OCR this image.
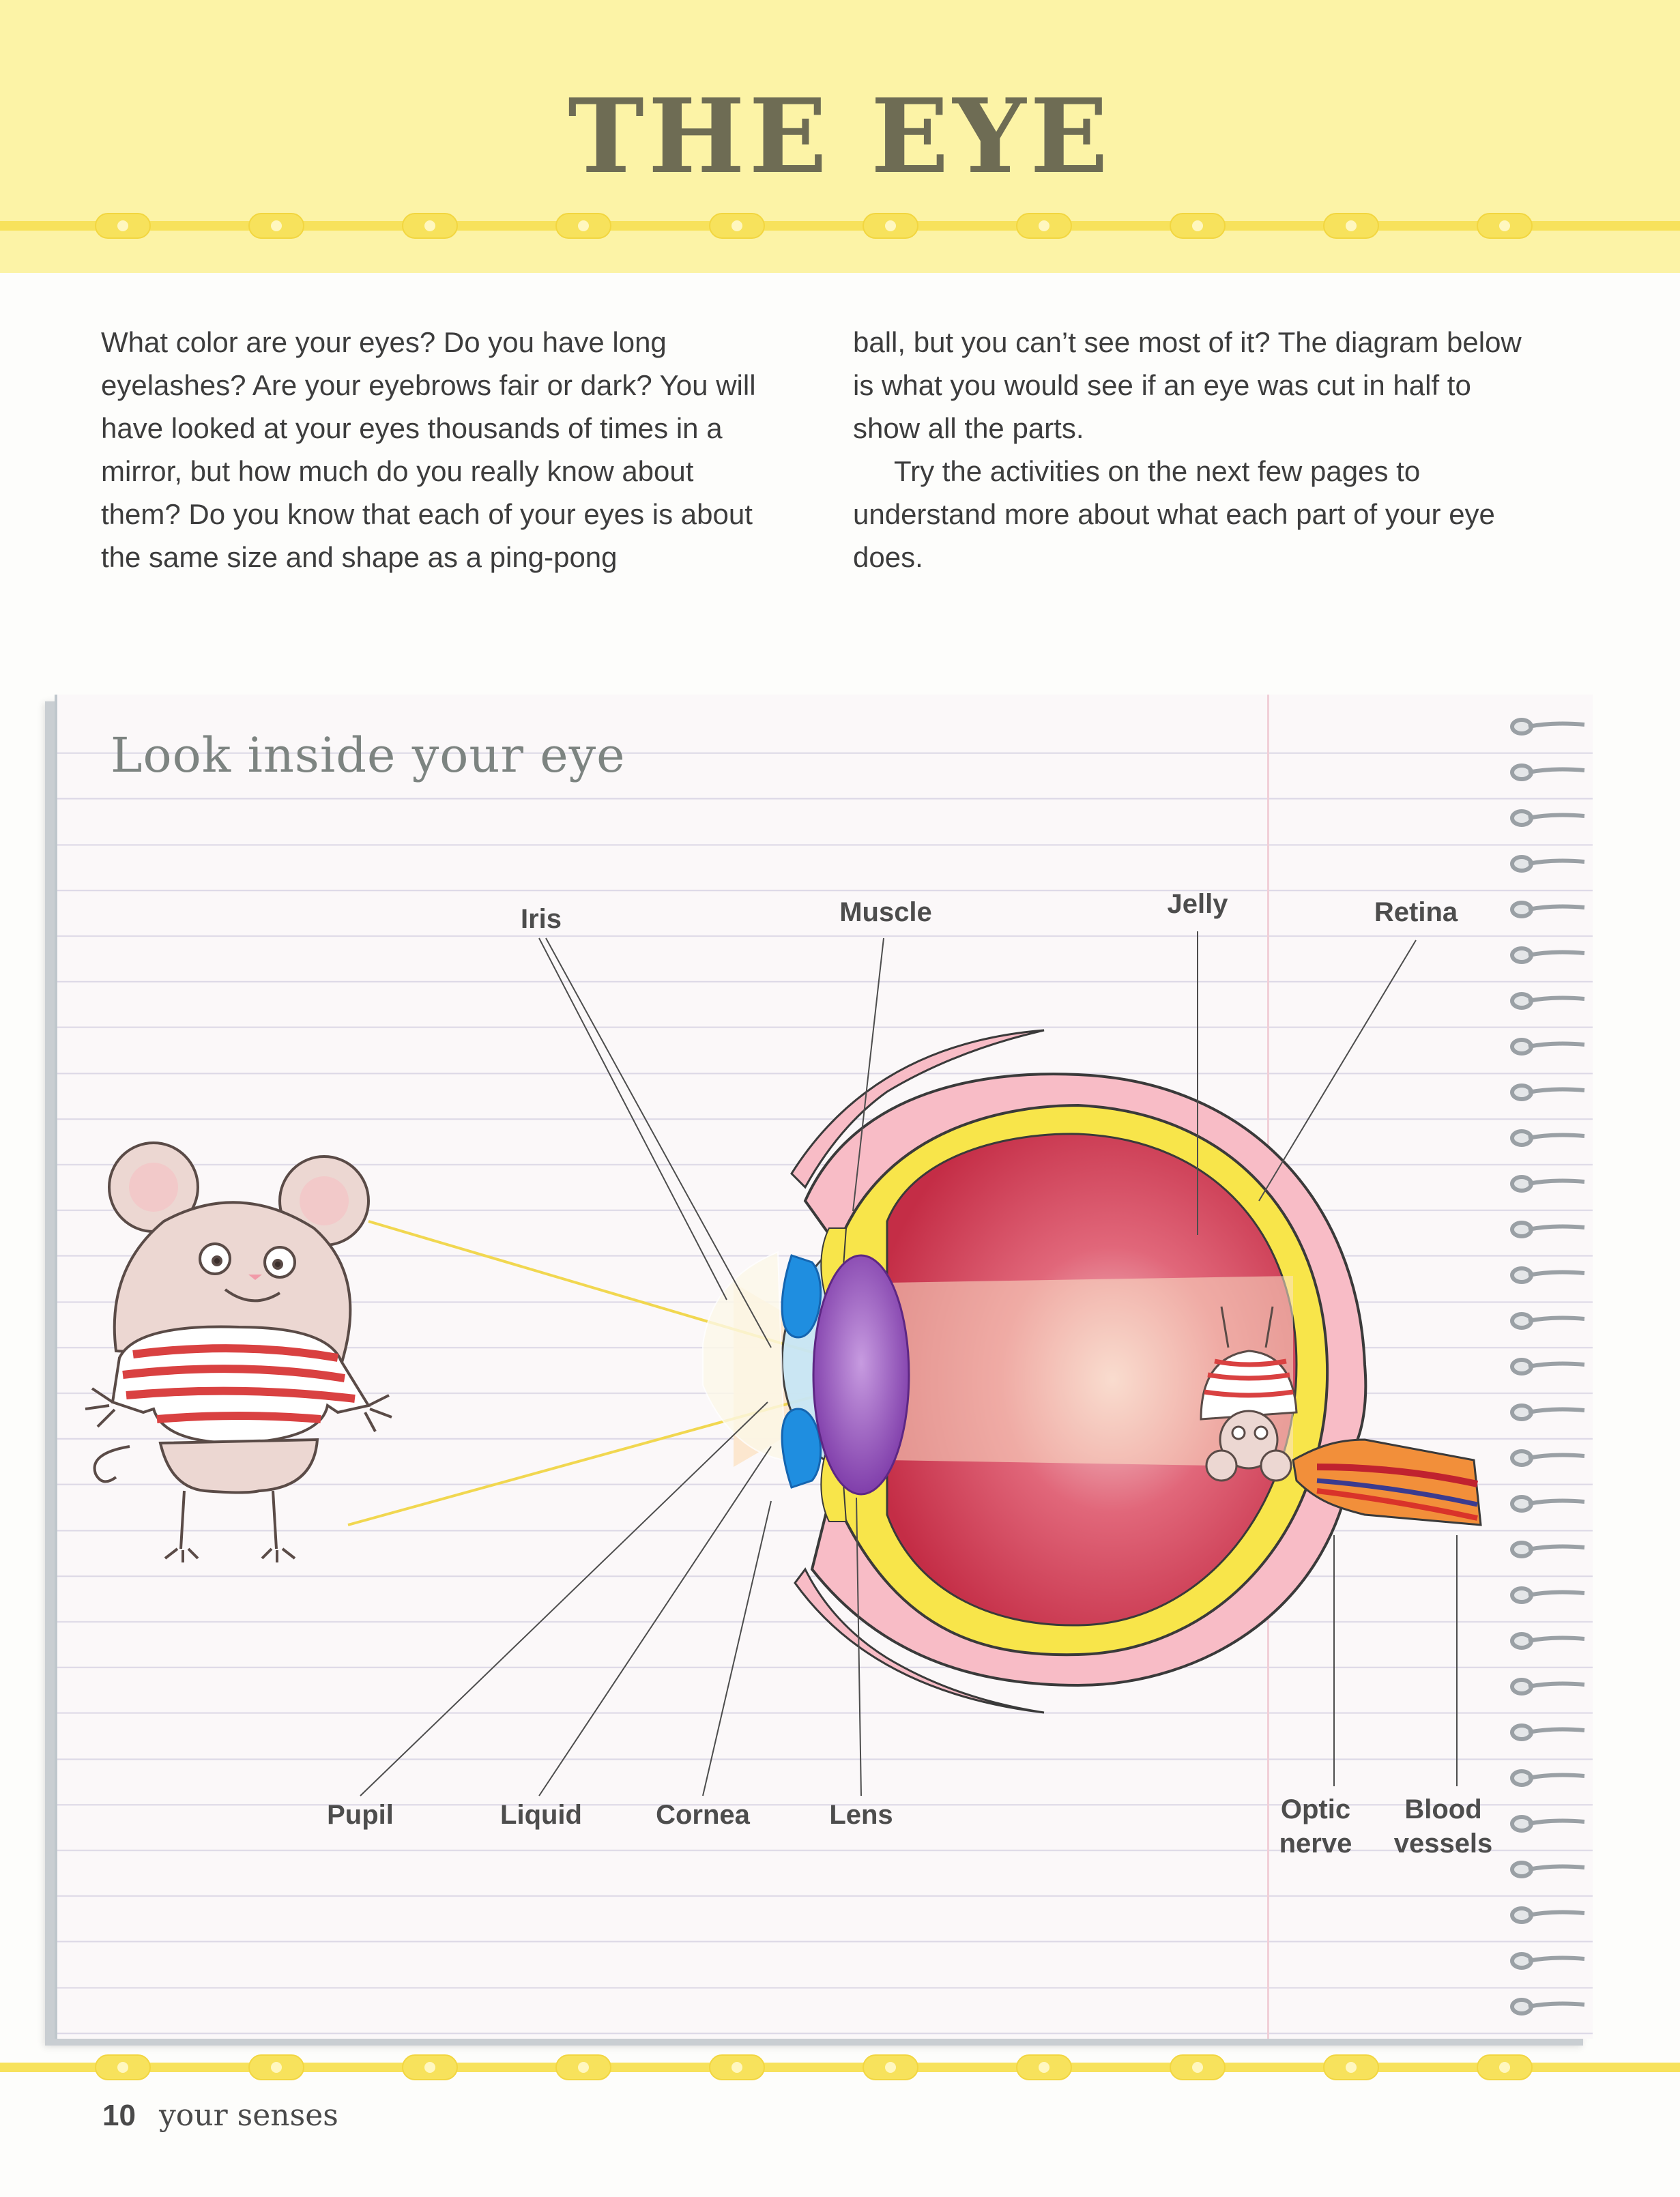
THE EYE

What color are your eyes? Do you have long eyelashes? Are your eyebrows fair or dark? You will have looked at your eyes thousands of times in a mirror, but how much do you really know about them? Do you know that each of your eyes is about the same size and shape as a ping-pong

ball, but you can’t see most of it? The diagram below is what you would see if an eye was cut in half to show all the parts.

Try the activities on the next few pages to understand more about what each part of your eye does.

Look inside your eye
Iris	Muscle	Jelly	Retina
Pupil	Liquid	Cornea	Lens	Optic
nerve
Blood
vessels

10 your senses
